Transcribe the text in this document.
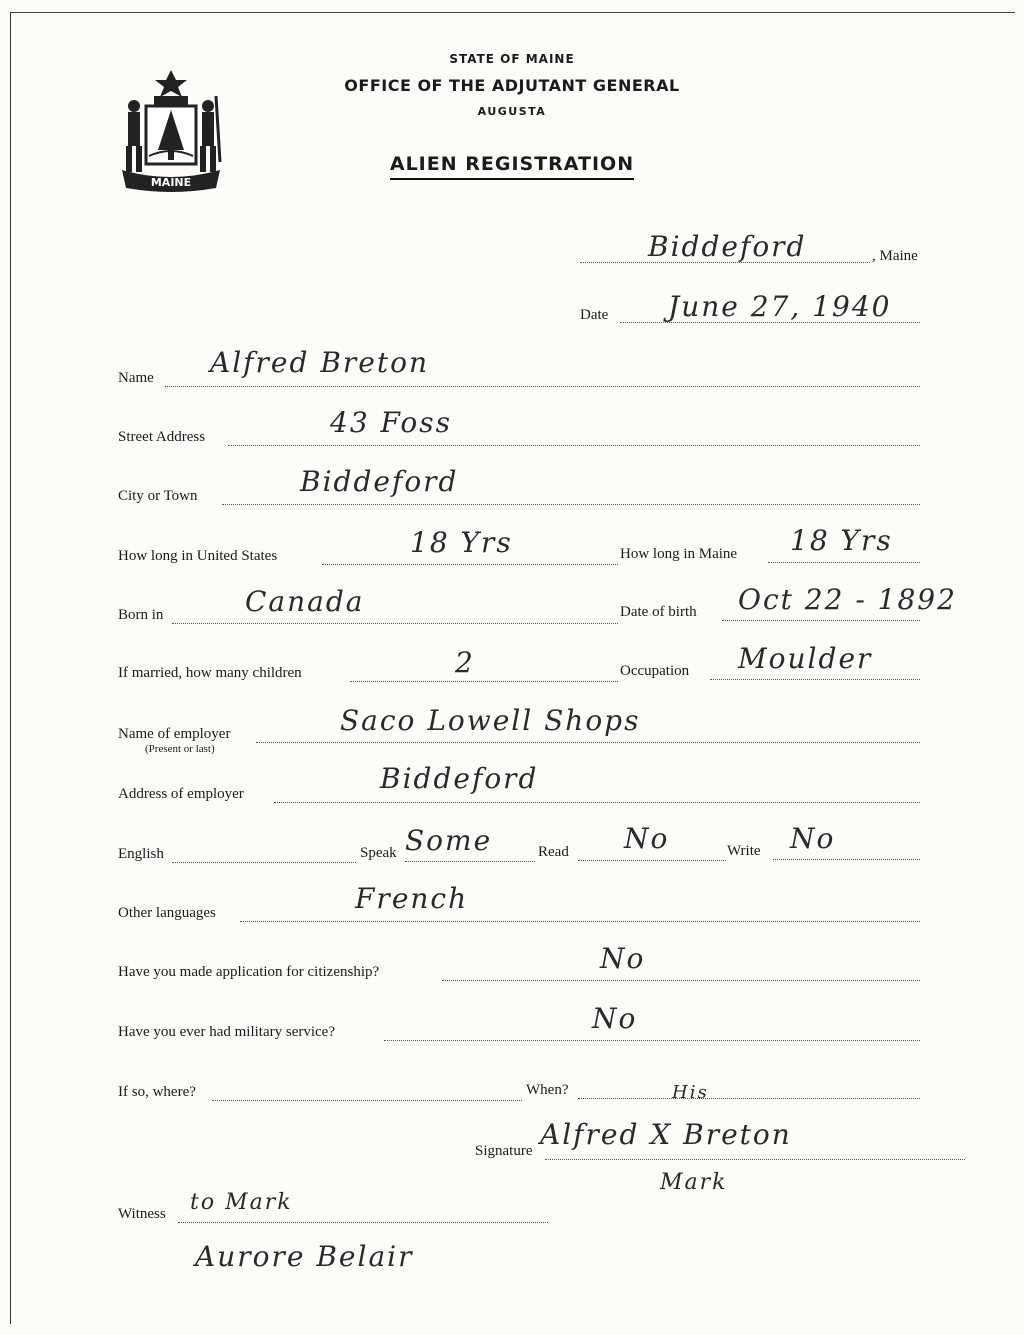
MAINE
STATE OF MAINE
OFFICE OF THE ADJUTANT GENERAL
AUGUSTA
ALIEN REGISTRATION
Biddeford	, Maine
Date June 27, 1940
Name Alfred Breton
Street Address	43 Foss
City or Town	Biddeford
How long in United States	18 Yrs	How long in Maine 18 Yrs
Born in	Canada	Date of birth Oct 22 - 1892
If married, how many children	2	Occupation Moulder
Name of employer
(Present or last)
Saco Lowell Shops
Address of employer	Biddeford
English	Speak Some	Read No	Write No
Other languages	French
Have you made application for citizenship?	No
Have you ever had military service?	No
If so, where?	When?	His
Signature Alfred X Breton
Mark
Witness to Mark
Aurore Belair
